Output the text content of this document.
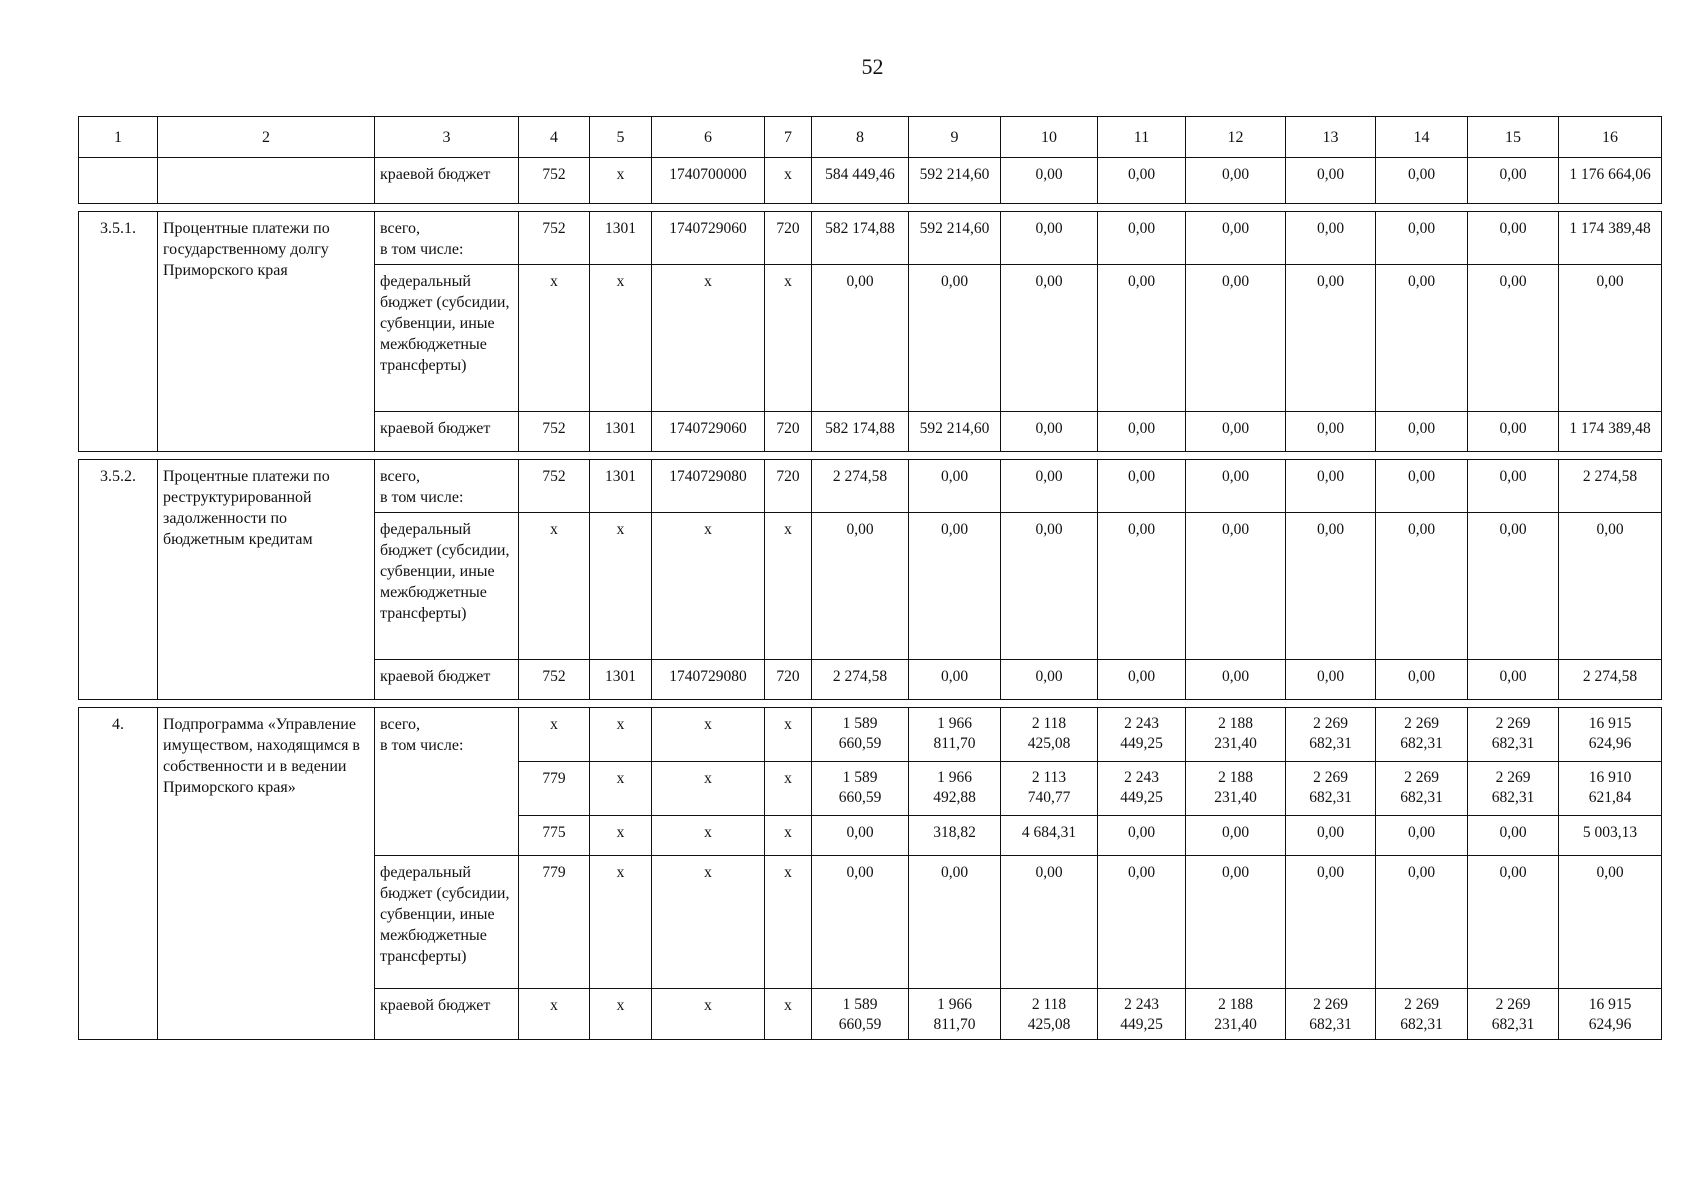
52
1	2	3	4	5	6	7	8	9	10	11	12	13	14	15	16
		краевой бюджет	752	х	1740700000	х	584 449,46	592 214,60	0,00	0,00	0,00	0,00	0,00	0,00	1 176 664,06

3.5.1.	Процентные платежи по государственному долгу Приморского края	всего,
в том числе:	752	1301	1740729060	720	582 174,88	592 214,60	0,00	0,00	0,00	0,00	0,00	0,00	1 174 389,48
		федеральный бюджет (субсидии, субвенции, иные межбюджетные трансферты)	х	х	х	х	0,00	0,00	0,00	0,00	0,00	0,00	0,00	0,00	0,00
		краевой бюджет	752	1301	1740729060	720	582 174,88	592 214,60	0,00	0,00	0,00	0,00	0,00	0,00	1 174 389,48

3.5.2.	Процентные платежи по реструктурированной задолженности по бюджетным кредитам	всего,
в том числе:	752	1301	1740729080	720	2 274,58	0,00	0,00	0,00	0,00	0,00	0,00	0,00	2 274,58
		федеральный бюджет (субсидии, субвенции, иные межбюджетные трансферты)	х	х	х	х	0,00	0,00	0,00	0,00	0,00	0,00	0,00	0,00	0,00
		краевой бюджет	752	1301	1740729080	720	2 274,58	0,00	0,00	0,00	0,00	0,00	0,00	0,00	2 274,58

4.	Подпрограмма «Управление имуществом, находящимся в собственности и в ведении Приморского края»	всего,
в том числе:	х	х	х	х	1 589
660,59	1 966
811,70	2 118
425,08	2 243
449,25	2 188
231,40	2 269
682,31	2 269
682,31	2 269
682,31	16 915
624,96
			779	х	х	х	1 589
660,59	1 966
492,88	2 113
740,77	2 243
449,25	2 188
231,40	2 269
682,31	2 269
682,31	2 269
682,31	16 910
621,84
			775	х	х	х	0,00	318,82	4 684,31	0,00	0,00	0,00	0,00	0,00	5 003,13
		федеральный бюджет (субсидии, субвенции, иные межбюджетные трансферты)	779	х	х	х	0,00	0,00	0,00	0,00	0,00	0,00	0,00	0,00	0,00
		краевой бюджет	х	х	х	х	1 589
660,59	1 966
811,70	2 118
425,08	2 243
449,25	2 188
231,40	2 269
682,31	2 269
682,31	2 269
682,31	16 915
624,96
